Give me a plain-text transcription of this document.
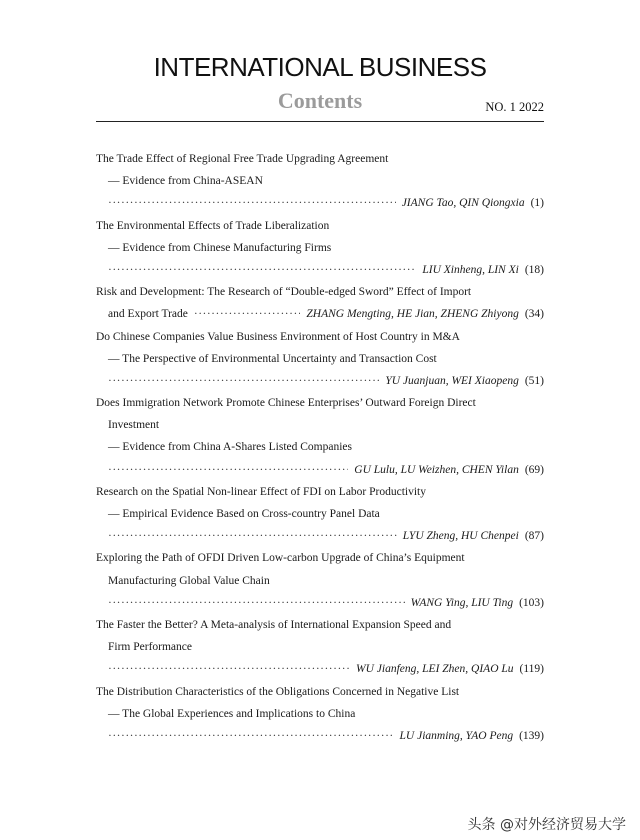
INTERNATIONAL BUSINESS
Contents	NO. 1 2022
The Trade Effect of Regional Free Trade Upgrading Agreement
— Evidence from China-ASEAN
·····
JIANG Tao, QIN Qiongxia (1)
The Environmental Effects of Trade Liberalization
— Evidence from Chinese Manufacturing Firms
·····
LIU Xinheng, LIN Xi (18)
Risk and Development: The Research of “Double-edged Sword” Effect of Import
and Export Trade
·····	ZHANG Mengting, HE Jian, ZHENG Zhiyong (34)
Do Chinese Companies Value Business Environment of Host Country in M&A
— The Perspective of Environmental Uncertainty and Transaction Cost
·····
YU Juanjuan, WEI Xiaopeng (51)
Does Immigration Network Promote Chinese Enterprises’ Outward Foreign Direct
Investment
— Evidence from China A-Shares Listed Companies
·····
GU Lulu, LU Weizhen, CHEN Yilan (69)
Research on the Spatial Non-linear Effect of FDI on Labor Productivity
— Empirical Evidence Based on Cross-country Panel Data
·····
LYU Zheng, HU Chenpei (87)
Exploring the Path of OFDI Driven Low-carbon Upgrade of China’s Equipment
Manufacturing Global Value Chain
·····
WANG Ying, LIU Ting (103)
The Faster the Better? A Meta-analysis of International Expansion Speed and
Firm Performance
·····
WU Jianfeng, LEI Zhen, QIAO Lu (119)
The Distribution Characteristics of the Obligations Concerned in Negative List
— The Global Experiences and Implications to China
·····
LU Jianming, YAO Peng (139)
头条 @对外经济贸易大学
